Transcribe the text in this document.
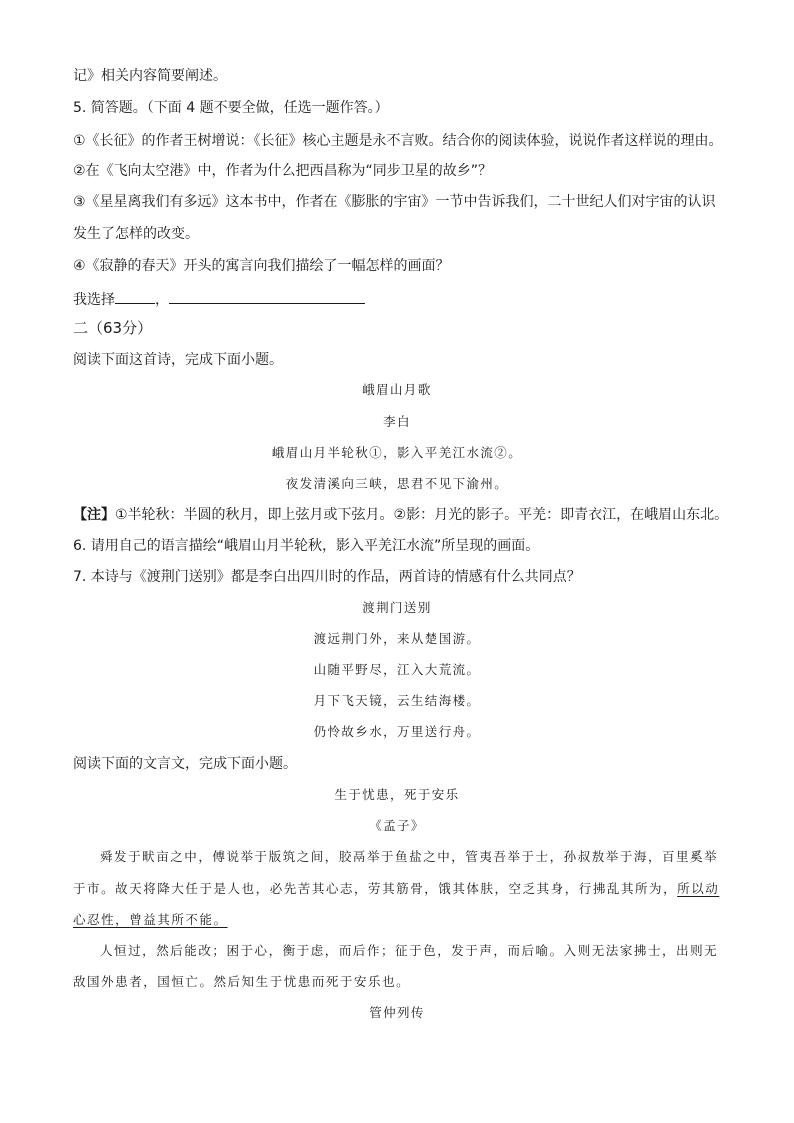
记》相关内容简要阐述。
5. 简答题。（下面 4 题不要全做，任选一题作答。）
①《长征》的作者王树增说：《长征》核心主题是永不言败。结合你的阅读体验，说说作者这样说的理由。
②在《飞向太空港》中，作者为什么把西昌称为“同步卫星的故乡”？
③《星星离我们有多远》这本书中，作者在《膨胀的宇宙》一节中告诉我们，二十世纪人们对宇宙的认识
发生了怎样的改变。
④《寂静的春天》开头的寓言向我们描绘了一幅怎样的画面？
我选择	，
二（63分）
阅读下面这首诗，完成下面小题。
峨眉山月歌
李白
峨眉山月半轮秋①，影入平羌江水流②。
夜发清溪向三峡，思君不见下渝州。
【注】①半轮秋：半圆的秋月，即上弦月或下弦月。②影：月光的影子。平羌：即青衣江，在峨眉山东北。
6. 请用自己的语言描绘“峨眉山月半轮秋，影入平羌江水流”所呈现的画面。
7. 本诗与《渡荆门送别》都是李白出四川时的作品，两首诗的情感有什么共同点？
渡荆门送别
渡远荆门外，来从楚国游。
山随平野尽，江入大荒流。
月下飞天镜，云生结海楼。
仍怜故乡水，万里送行舟。
阅读下面的文言文，完成下面小题。
生于忧患，死于安乐
《孟子》
舜发于畎亩之中，傅说举于版筑之间，胶鬲举于鱼盐之中，管夷吾举于士，孙叔敖举于海，百里奚举
于市。故天将降大任于是人也，必先苦其心志，劳其筋骨，饿其体肤，空乏其身，行拂乱其所为，所以动
心忍性，曾益其所不能。
人恒过，然后能改；困于心，衡于虑，而后作；征于色，发于声，而后喻。入则无法家拂士，出则无
敌国外患者，国恒亡。然后知生于忧患而死于安乐也。
管仲列传
